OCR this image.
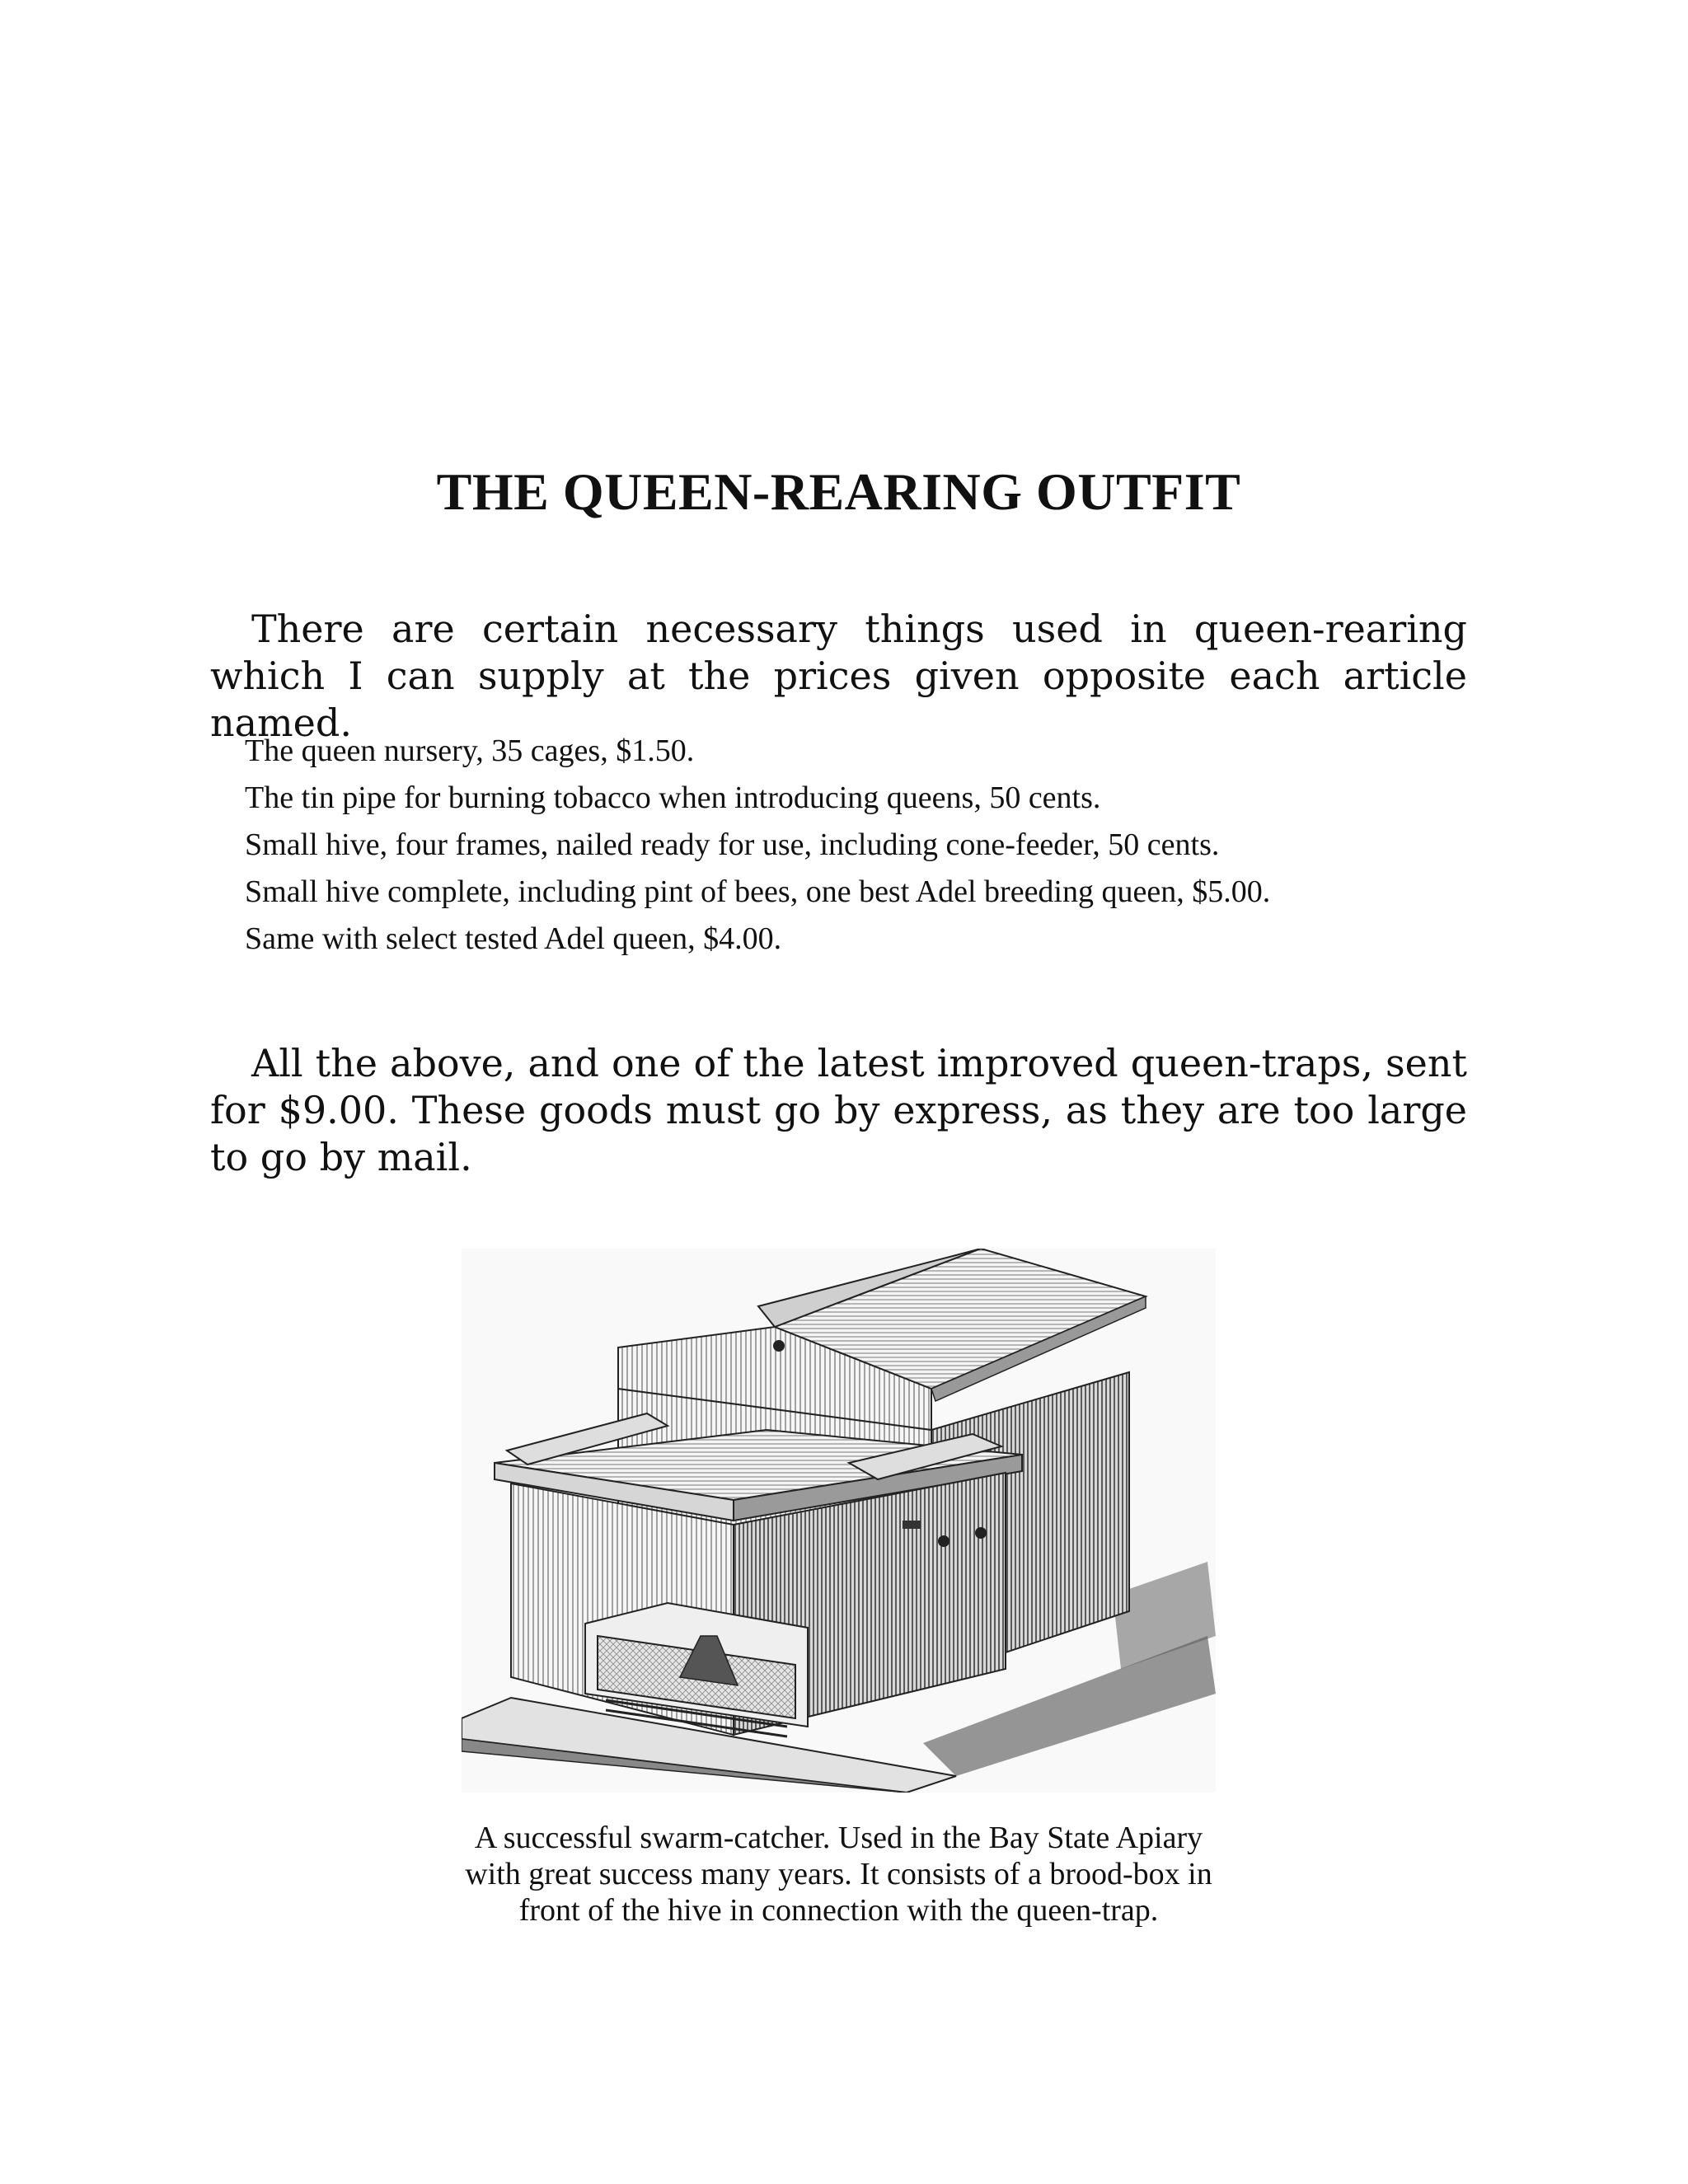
THE QUEEN-REARING OUTFIT

There are certain necessary things used in queen-rearing which I can supply at the prices given opposite each article named.

The queen nursery, 35 cages, $1.50.
The tin pipe for burning tobacco when introducing queens, 50 cents.
Small hive, four frames, nailed ready for use, including cone-feeder, 50 cents.
Small hive complete, including pint of bees, one best Adel breeding queen, $5.00.
Same with select tested Adel queen, $4.00.

All the above, and one of the latest improved queen-traps, sent for $9.00. These goods must go by express, as they are too large to go by mail.

A successful swarm-catcher. Used in the Bay State Apiary with great success many years. It consists of a brood-box in front of the hive in connection with the queen-trap.
